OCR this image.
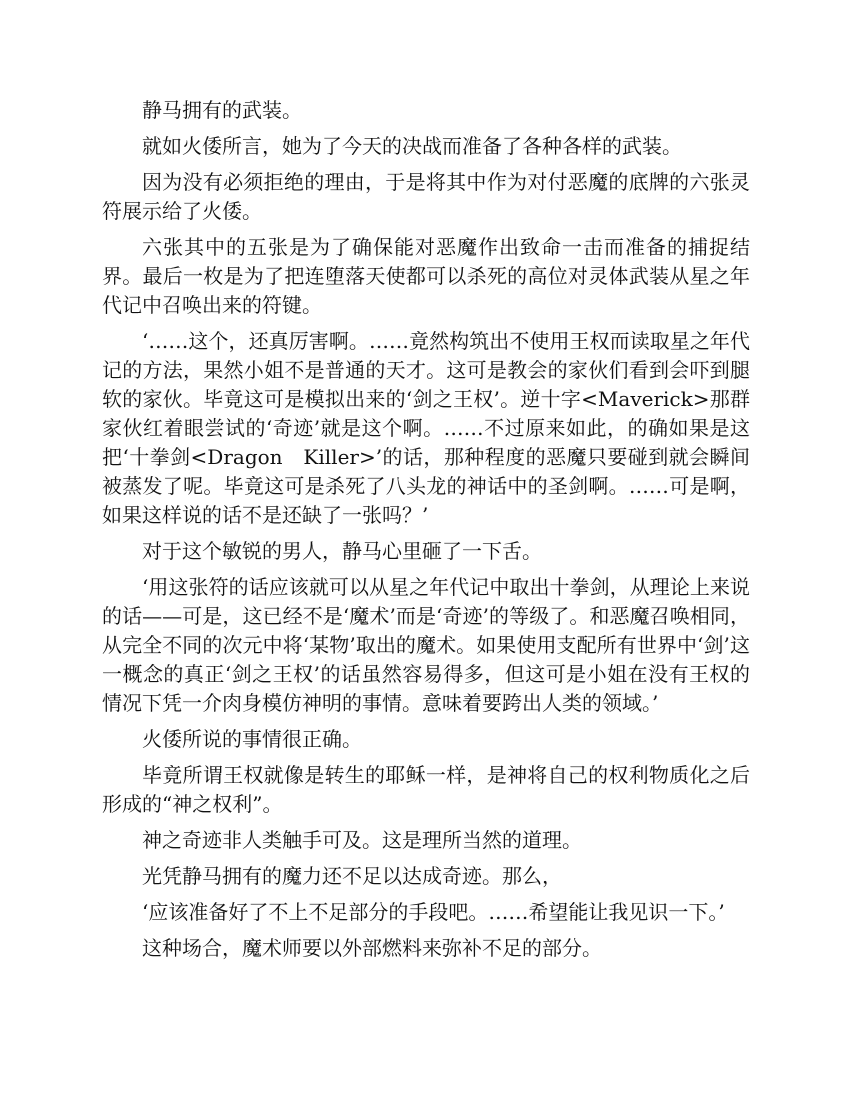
静马拥有的武装。

就如火倭所言，她为了今天的决战而准备了各种各样的武装。

因为没有必须拒绝的理由，于是将其中作为对付恶魔的底牌的六张灵符展示给了火倭。

六张其中的五张是为了确保能对恶魔作出致命一击而准备的捕捉结界。最后一枚是为了把连堕落天使都可以杀死的高位对灵体武装从星之年代记中召唤出来的符键。

‘……这个，还真厉害啊。……竟然构筑出不使用王权而读取星之年代记的方法，果然小姐不是普通的天才。这可是教会的家伙们看到会吓到腿软的家伙。毕竟这可是模拟出来的‘剑之王权’。逆十字<Maverick>那群家伙红着眼尝试的‘奇迹’就是这个啊。……不过原来如此，的确如果是这把‘十拳剑<Dragon　Killer>’的话，那种程度的恶魔只要碰到就会瞬间被蒸发了呢。毕竟这可是杀死了八头龙的神话中的圣剑啊。……可是啊，如果这样说的话不是还缺了一张吗？’

对于这个敏锐的男人，静马心里砸了一下舌。

‘用这张符的话应该就可以从星之年代记中取出十拳剑，从理论上来说的话——可是，这已经不是‘魔术’而是‘奇迹’的等级了。和恶魔召唤相同，从完全不同的次元中将‘某物’取出的魔术。如果使用支配所有世界中‘剑’这一概念的真正‘剑之王权’的话虽然容易得多，但这可是小姐在没有王权的情况下凭一介肉身模仿神明的事情。意味着要跨出人类的领域。’

火倭所说的事情很正确。

毕竟所谓王权就像是转生的耶稣一样，是神将自己的权利物质化之后形成的“神之权利”。

神之奇迹非人类触手可及。这是理所当然的道理。

光凭静马拥有的魔力还不足以达成奇迹。那么，

‘应该准备好了不上不足部分的手段吧。……希望能让我见识一下。’

这种场合，魔术师要以外部燃料来弥补不足的部分。
